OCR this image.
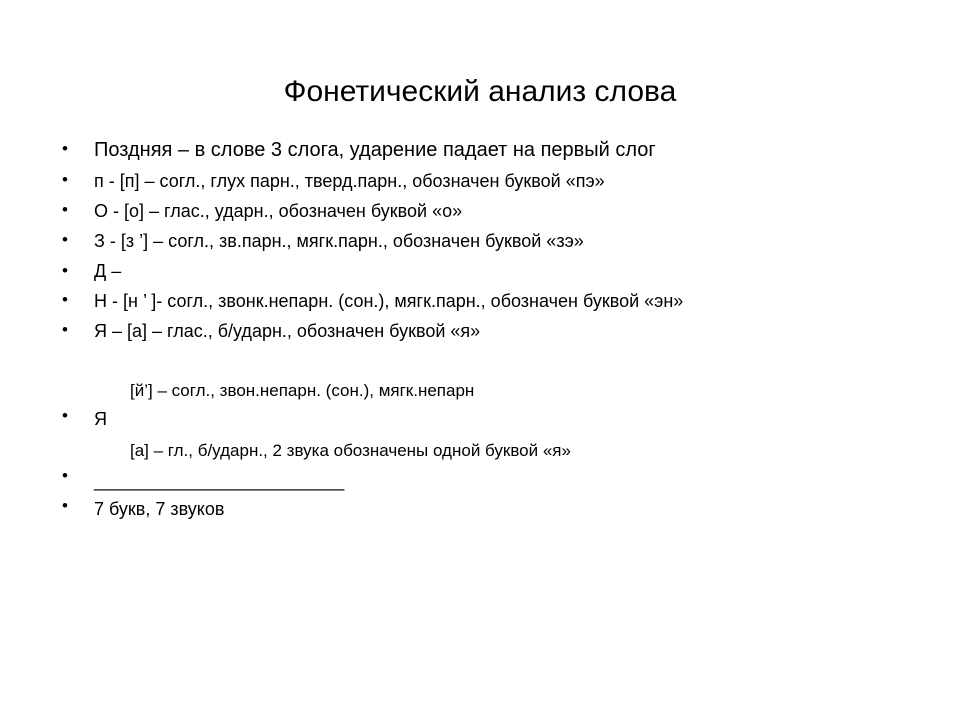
Фонетический анализ слова
•
•
•
•
•
•
•
•
•
•
Поздняя – в слове 3 слога, ударение падает на первый слог
п - [п] – согл., глух парн., тверд.парн., обозначен буквой «пэ»
О - [о] – глас., ударн., обозначен буквой «о»
З - [з ’] – согл., зв.парн., мягк.парн., обозначен буквой «зэ»
Д –
Н - [н ’ ]- согл., звонк.непарн. (сон.), мягк.парн., обозначен буквой «эн»
Я – [а] – глас., б/ударн., обозначен буквой «я»
[й’] – согл., звон.непарн. (сон.), мягк.непарн
Я
[а] – гл., б/ударн., 2 звука обозначены одной буквой «я»
_________________________
7 букв, 7 звуков
